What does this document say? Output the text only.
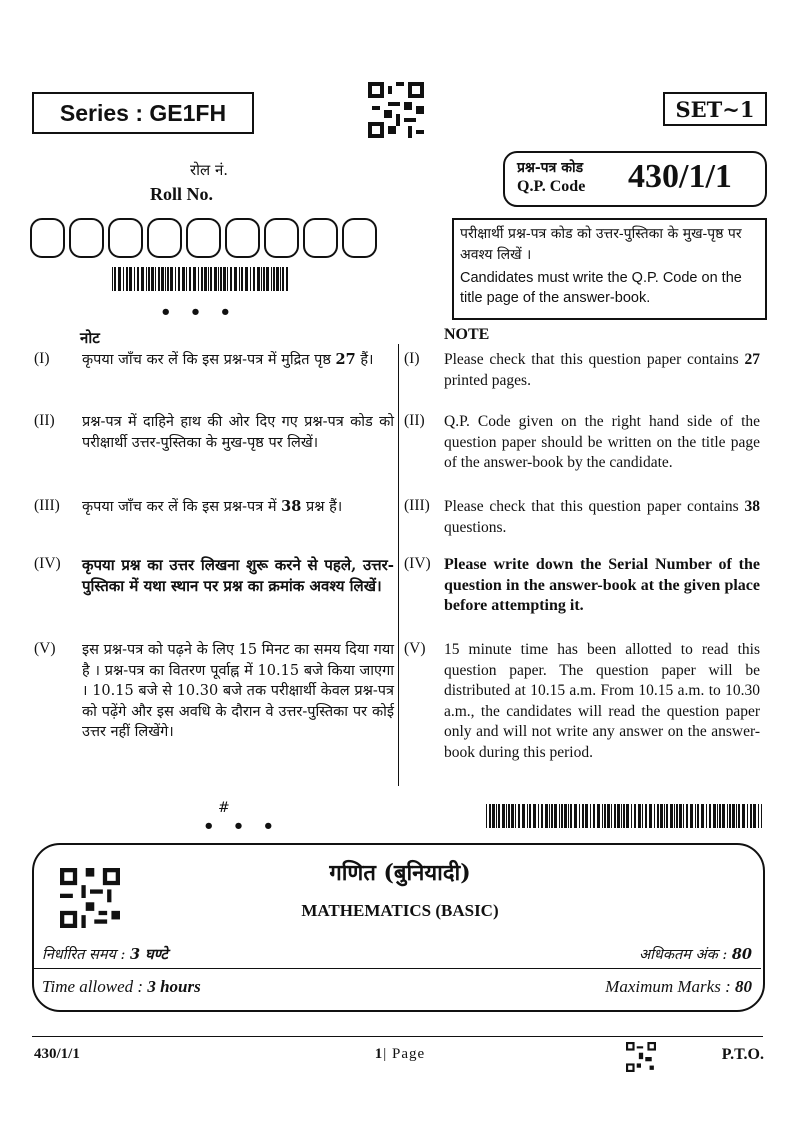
Series : GE1FH	SET~1
रोल नं.
Roll No.
• • •
प्रश्न-पत्र कोड
Q.P. Code 430/1/1
परीक्षार्थी प्रश्न-पत्र कोड को उत्तर-पुस्तिका के मुख-पृष्ठ पर अवश्य लिखें ।
Candidates must write the Q.P. Code on the title page of the answer-book.
नोट	NOTE
(I) कृपया जाँच कर लें कि इस प्रश्न-पत्र में मुद्रित पृष्ठ 27 हैं।	(I) Please check that this question paper contains 27 printed pages.
(II) प्रश्न-पत्र में दाहिने हाथ की ओर दिए गए प्रश्न-पत्र कोड को परीक्षार्थी उत्तर-पुस्तिका के मुख-पृष्ठ पर लिखें।
(II) Q.P. Code given on the right hand side of the question paper should be written on the title page of the answer-book by the candidate.
(III) कृपया जाँच कर लें कि इस प्रश्न-पत्र में 38 प्रश्न हैं।	(III) Please check that this question paper contains 38 questions.
(IV) कृपया प्रश्न का उत्तर लिखना शुरू करने से पहले, उत्तर-पुस्तिका में यथा स्थान पर प्रश्न का क्रमांक अवश्य लिखें।
(IV) Please write down the Serial Number of the question in the answer-book at the given place before attempting it.
(V) इस प्रश्न-पत्र को पढ़ने के लिए 15 मिनट का समय दिया गया है । प्रश्न-पत्र का वितरण पूर्वाह्न में 10.15 बजे किया जाएगा । 10.15 बजे से 10.30 बजे तक परीक्षार्थी केवल प्रश्न-पत्र को पढ़ेंगे और इस अवधि के दौरान वे उत्तर-पुस्तिका पर कोई उत्तर नहीं लिखेंगे।
(V) 15 minute time has been allotted to read this question paper. The question paper will be distributed at 10.15 a.m. From 10.15 a.m. to 10.30 a.m., the candidates will read the question paper only and will not write any answer on the answer-book during this period.
#
• • •
गणित (बुनियादी)
MATHEMATICS (BASIC)
निर्धारित समय : 3 घण्टे	अधिकतम अंक : 80
Time allowed : 3 hours	Maximum Marks : 80
430/1/1	1| Page	P.T.O.
